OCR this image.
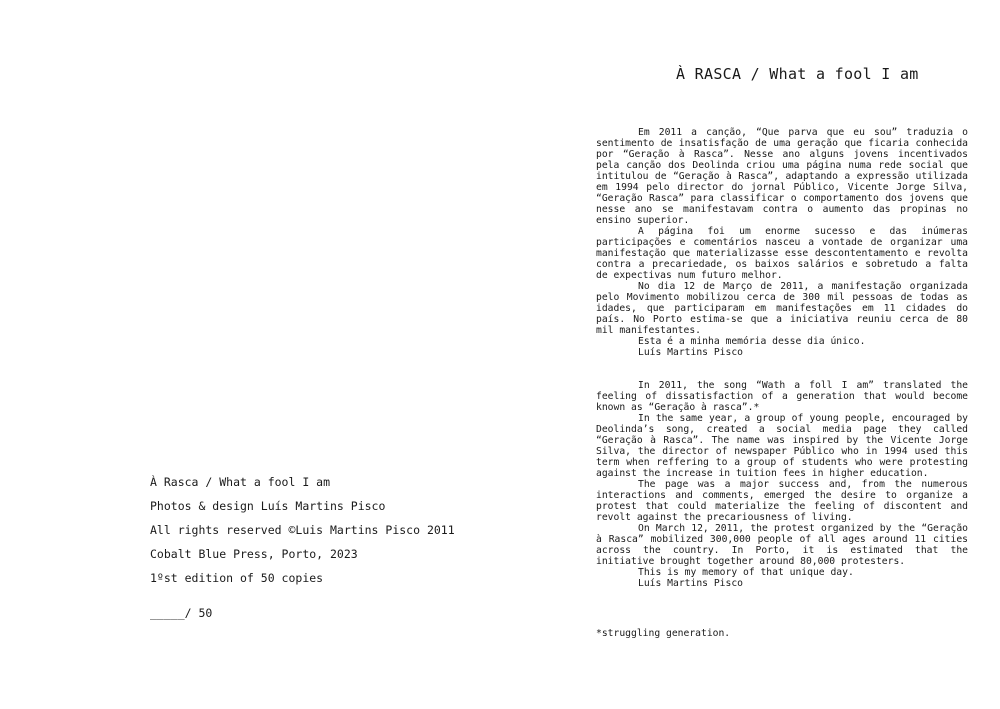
À Rasca / What a fool I am
Photos & design Luís Martins Pisco
All rights reserved ©Luis Martins Pisco 2011
Cobalt Blue Press, Porto, 2023
1ºst edition of 50 copies
_____/ 50
À RASCA / What a fool I am

Em 2011 a canção, “Que parva que eu sou” traduzia o sentimento de insatisfação de uma geração que ficaria conhecida por “Geração à Rasca”. Nesse ano alguns jovens incentivados pela canção dos Deolinda criou uma página numa rede social que intitulou de “Geração à Rasca”, adaptando a expressão utilizada em 1994 pelo director do jornal Público, Vicente Jorge Silva, “Geração Rasca” para classificar o comportamento dos jovens que nesse ano se manifestavam contra o aumento das propinas no ensino superior.

A página foi um enorme sucesso e das inúmeras participações e comentários nasceu a vontade de organizar uma manifestação que materializasse esse descontentamento e revolta contra a precariedade, os baixos salários e sobretudo a falta de expectivas num futuro melhor.

No dia 12 de Março de 2011, a manifestação organizada pelo Movimento mobilizou cerca de 300 mil pessoas de todas as idades, que participaram em manifestações em 11 cidades do país. No Porto estima-se que a iniciativa reuniu cerca de 80 mil manifestantes.

Esta é a minha memória desse dia único.

Luís Martins Pisco

In 2011, the song “Wath a foll I am” translated the feeling of dissatisfaction of a generation that would become known as “Geração à rasca”.*

In the same year, a group of young people, encouraged by Deolinda’s song, created a social media page they called “Geração à Rasca”. The name was inspired by the Vicente Jorge Silva, the director of newspaper Público who in 1994 used this term when reffering to a group of students who were protesting against the increase in tuition fees in higher education.

The page was a major success and, from the numerous interactions and comments, emerged the desire to organize a protest that could materialize the feeling of discontent and revolt against the precariousness of living.

On March 12, 2011, the protest organized by the “Geração à Rasca” mobilized 300,000 people of all ages around 11 cities across the country. In Porto, it is estimated that the initiative brought together around 80,000 protesters.

This is my memory of that unique day.

Luís Martins Pisco

*struggling generation.
